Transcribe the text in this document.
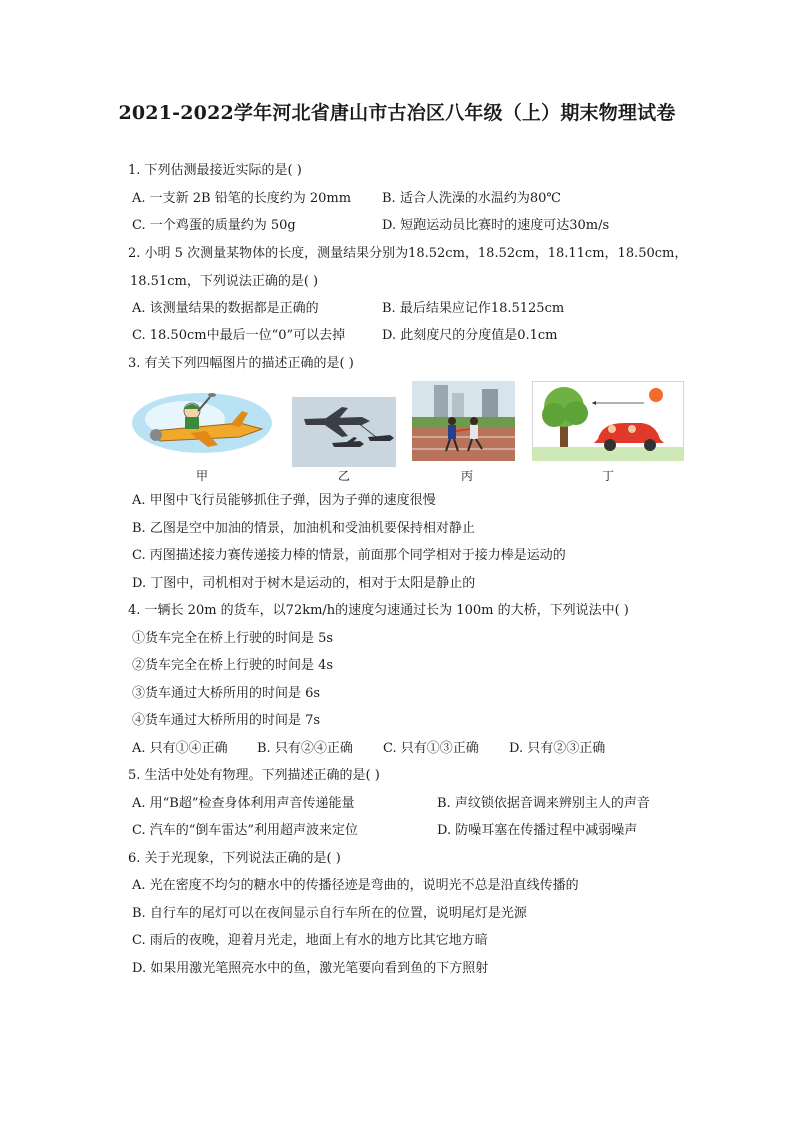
2021-2022学年河北省唐山市古冶区八年级（上）期末物理试卷
1. 下列估测最接近实际的是( )
A. 一支新 2B 铅笔的长度约为 20mm B. 适合人洗澡的水温约为80℃
C. 一个鸡蛋的质量约为 50g	D. 短跑运动员比赛时的速度可达30m/s
2. 小明 5 次测量某物体的长度，测量结果分别为18.52cm，18.52cm，18.11cm，18.50cm，
18.51cm，下列说法正确的是( )
A. 该测量结果的数据都是正确的	B. 最后结果应记作18.5125cm
C. 18.50cm中最后一位“0”可以去掉	D. 此刻度尺的分度值是0.1cm
3. 有关下列四幅图片的描述正确的是( )
甲	乙	丙	丁
A. 甲图中飞行员能够抓住子弹，因为子弹的速度很慢
B. 乙图是空中加油的情景，加油机和受油机要保持相对静止
C. 丙图描述接力赛传递接力棒的情景，前面那个同学相对于接力棒是运动的
D. 丁图中，司机相对于树木是运动的，相对于太阳是静止的
4. 一辆长 20m 的货车，以72km/h的速度匀速通过长为 100m 的大桥，下列说法中( )
①货车完全在桥上行驶的时间是 5s
②货车完全在桥上行驶的时间是 4s
③货车通过大桥所用的时间是 6s
④货车通过大桥所用的时间是 7s
A. 只有①④正确 B. 只有②④正确 C. 只有①③正确 D. 只有②③正确
5. 生活中处处有物理。下列描述正确的是( )
A. 用“B超”检查身体利用声音传递能量	B. 声纹锁依据音调来辨别主人的声音
C. 汽车的“倒车雷达”利用超声波来定位	D. 防噪耳塞在传播过程中减弱噪声
6. 关于光现象，下列说法正确的是( )
A. 光在密度不均匀的糖水中的传播径迹是弯曲的，说明光不总是沿直线传播的
B. 自行车的尾灯可以在夜间显示自行车所在的位置，说明尾灯是光源
C. 雨后的夜晚，迎着月光走，地面上有水的地方比其它地方暗
D. 如果用激光笔照亮水中的鱼，激光笔要向看到鱼的下方照射
